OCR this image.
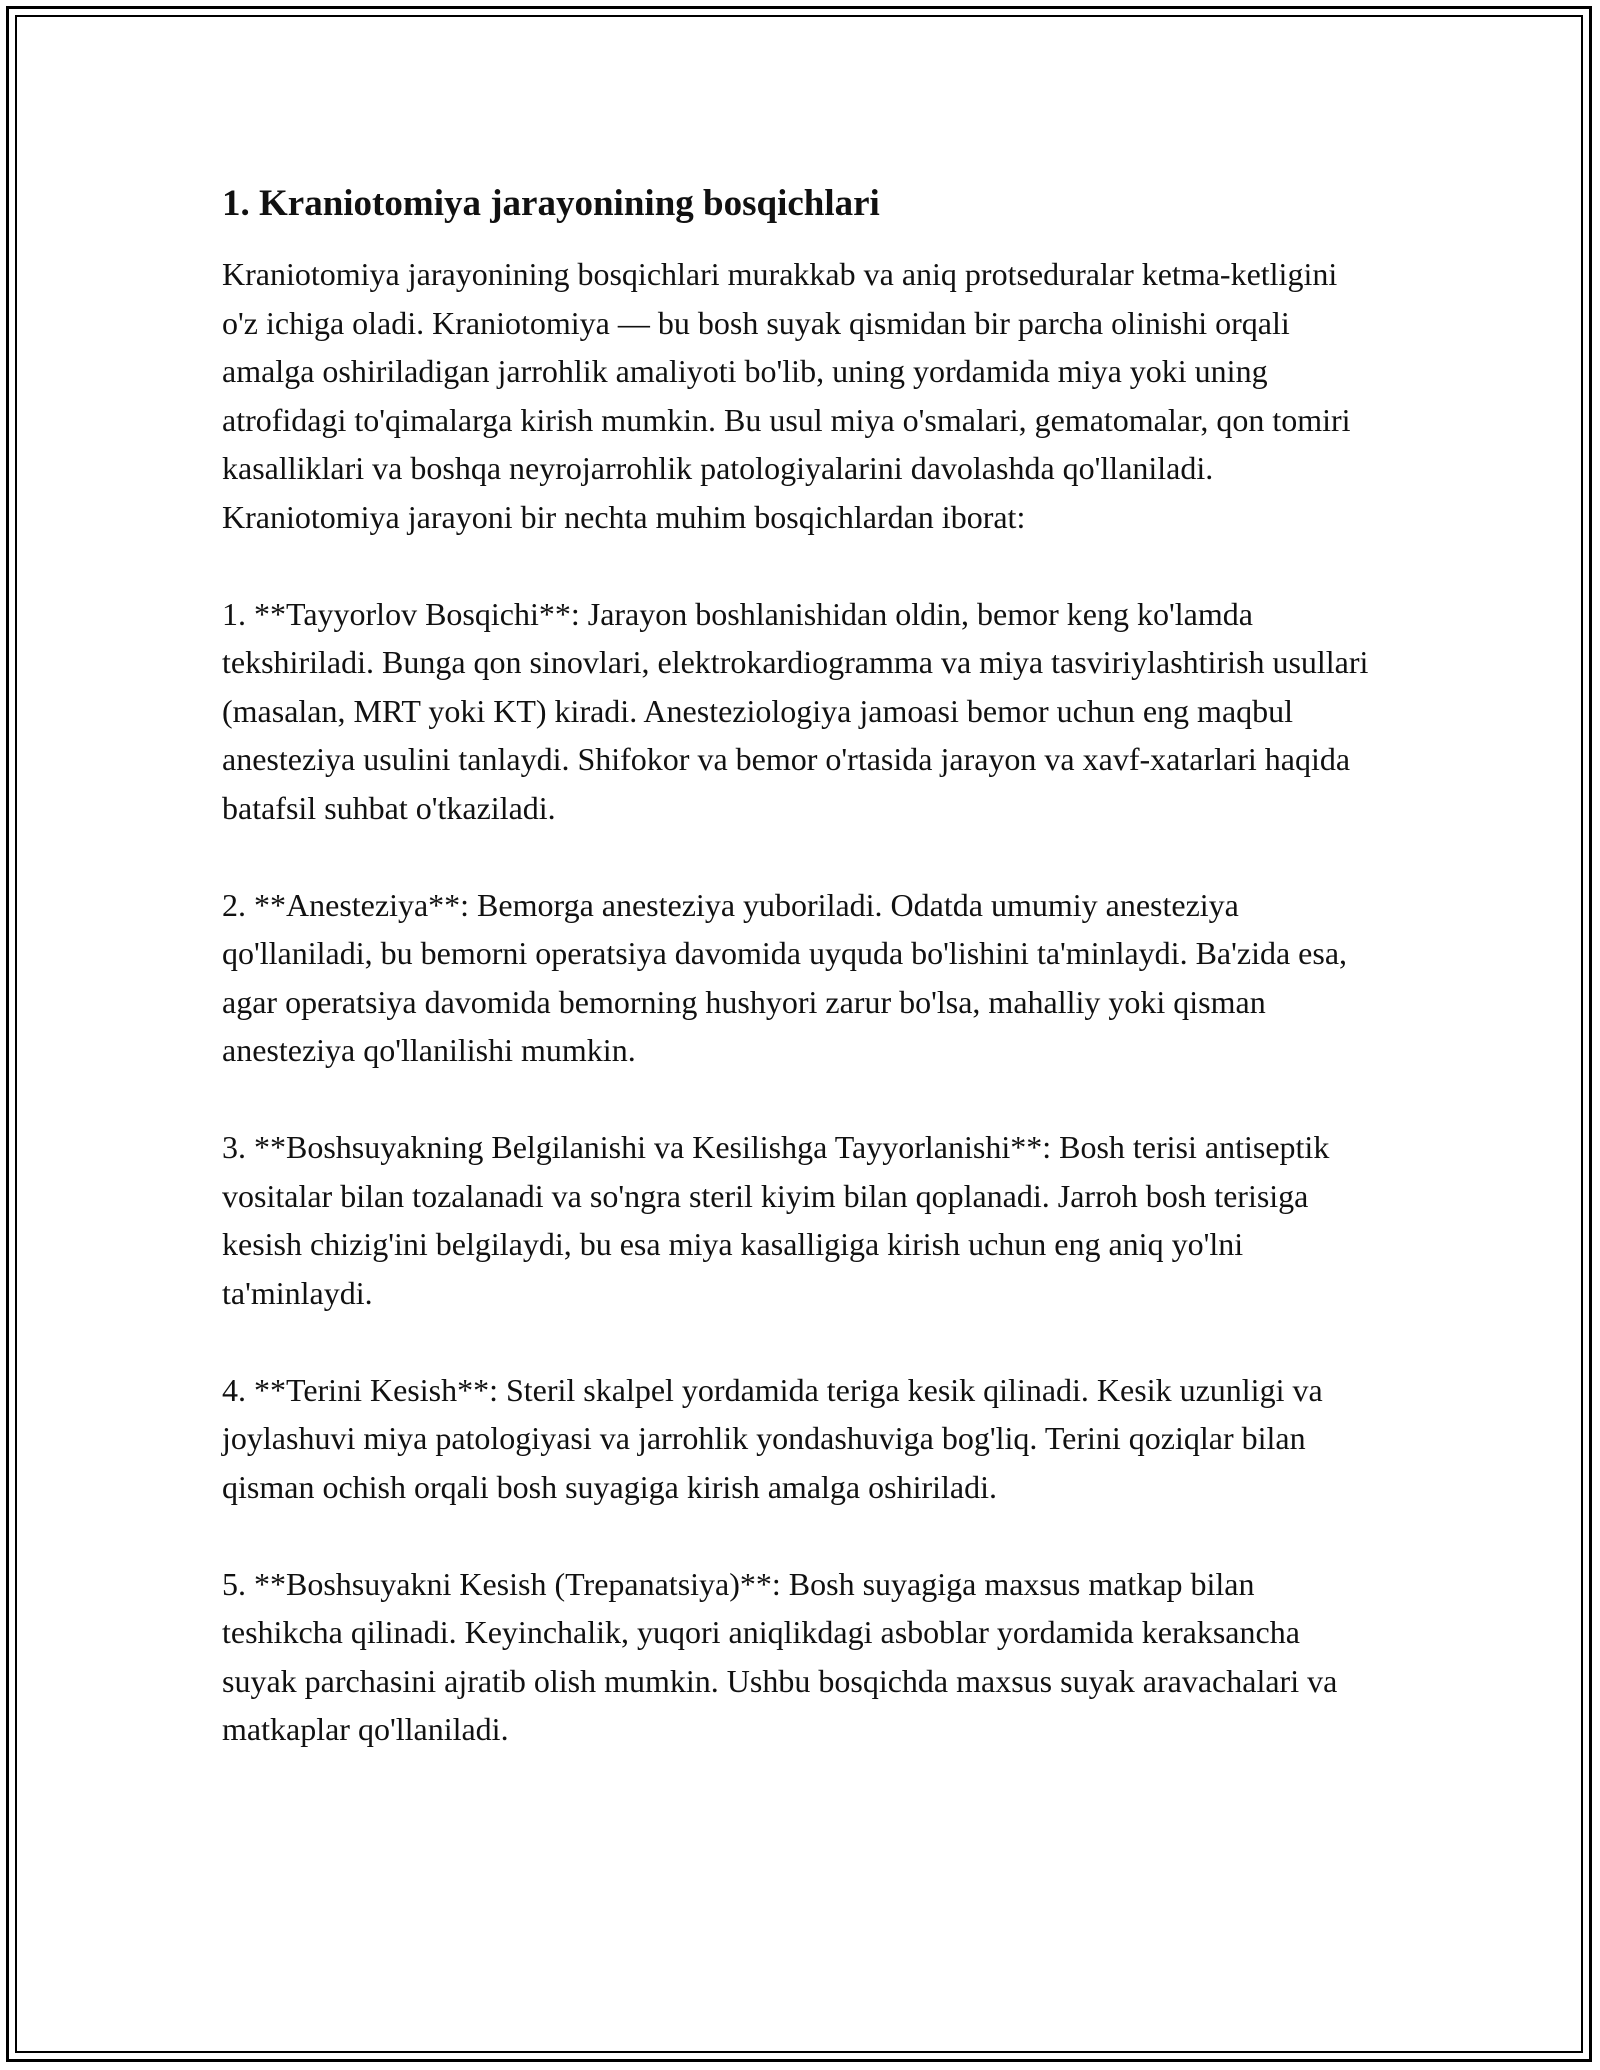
1. Kraniotomiya jarayonining bosqichlari

Kraniotomiya jarayonining bosqichlari murakkab va aniq protseduralar ketma-ketligini o'z ichiga oladi. Kraniotomiya — bu bosh suyak qismidan bir parcha olinishi orqali amalga oshiriladigan jarrohlik amaliyoti bo'lib, uning yordamida miya yoki uning atrofidagi to'qimalarga kirish mumkin. Bu usul miya o'smalari, gematomalar, qon tomiri kasalliklari va boshqa neyrojarrohlik patologiyalarini davolashda qo'llaniladi. Kraniotomiya jarayoni bir nechta muhim bosqichlardan iborat:

1. **Tayyorlov Bosqichi**: Jarayon boshlanishidan oldin, bemor keng ko'lamda tekshiriladi. Bunga qon sinovlari, elektrokardiogramma va miya tasviriylashtirish usullari (masalan, MRT yoki KT) kiradi. Anesteziologiya jamoasi bemor uchun eng maqbul anesteziya usulini tanlaydi. Shifokor va bemor o'rtasida jarayon va xavf-xatarlari haqida batafsil suhbat o'tkaziladi.

2. **Anesteziya**: Bemorga anesteziya yuboriladi. Odatda umumiy anesteziya qo'llaniladi, bu bemorni operatsiya davomida uyquda bo'lishini ta'minlaydi. Ba'zida esa, agar operatsiya davomida bemorning hushyori zarur bo'lsa, mahalliy yoki qisman anesteziya qo'llanilishi mumkin.

3. **Boshsuyakning Belgilanishi va Kesilishga Tayyorlanishi**: Bosh terisi antiseptik vositalar bilan tozalanadi va so'ngra steril kiyim bilan qoplanadi. Jarroh bosh terisiga kesish chizig'ini belgilaydi, bu esa miya kasalligiga kirish uchun eng aniq yo'lni ta'minlaydi.

4. **Terini Kesish**: Steril skalpel yordamida teriga kesik qilinadi. Kesik uzunligi va joylashuvi miya patologiyasi va jarrohlik yondashuviga bog'liq. Terini qoziqlar bilan qisman ochish orqali bosh suyagiga kirish amalga oshiriladi.

5. **Boshsuyakni Kesish (Trepanatsiya)**: Bosh suyagiga maxsus matkap bilan teshikcha qilinadi. Keyinchalik, yuqori aniqlikdagi asboblar yordamida keraksancha suyak parchasini ajratib olish mumkin. Ushbu bosqichda maxsus suyak aravachalari va matkaplar qo'llaniladi.
